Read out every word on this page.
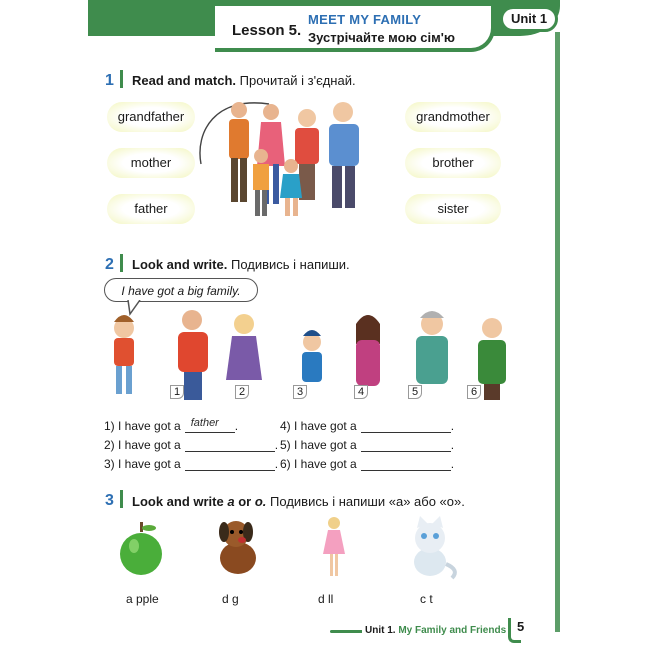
Lesson 5.
MEET MY FAMILY
Зустрічайте мою сім'ю
Unit 1
1 Read and match. Прочитай і з'єднай.
grandfather
mother
father
grandmother
brother
sister
2 Look and write. Подивись і напиши.
I have got a big family.
1	2	3	4	5	6
1) I have got a father .
2) I have got a	.
3) I have got a	.
4) I have got a	.
5) I have got a	.
6) I have got a	.
3 Look and write a or o. Подивись і напиши «а» або «о».
a pple	d g	d ll	c t
Unit 1. My Family and Friends 5
